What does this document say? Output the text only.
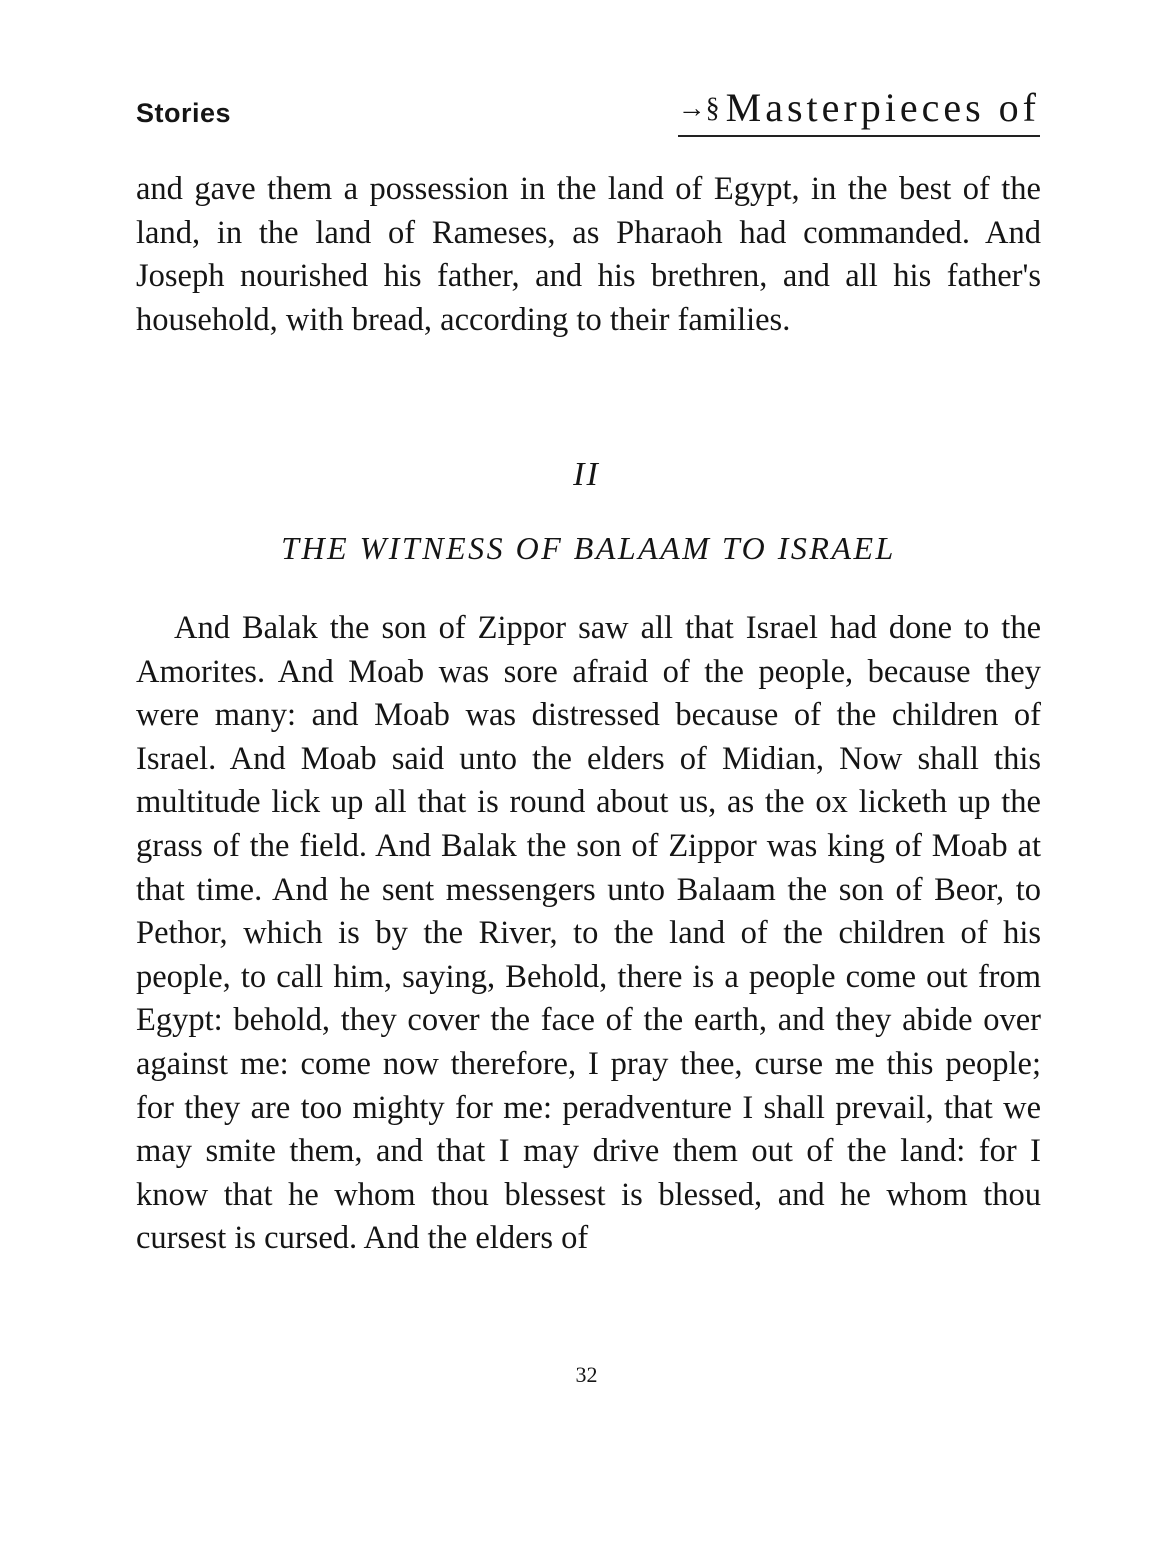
Stories	→§ Masterpieces of
and gave them a possession in the land of Egypt, in the best of the land, in the land of Rameses, as Pharaoh had commanded. And Joseph nourished his father, and his brethren, and all his father's household, with bread, according to their families.
II
THE WITNESS OF BALAAM TO ISRAEL
And Balak the son of Zippor saw all that Israel had done to the Amorites. And Moab was sore afraid of the people, because they were many: and Moab was distressed because of the children of Israel. And Moab said unto the elders of Midian, Now shall this multitude lick up all that is round about us, as the ox licketh up the grass of the field. And Balak the son of Zippor was king of Moab at that time. And he sent messengers unto Balaam the son of Beor, to Pethor, which is by the River, to the land of the children of his people, to call him, saying, Behold, there is a people come out from Egypt: behold, they cover the face of the earth, and they abide over against me: come now therefore, I pray thee, curse me this people; for they are too mighty for me: peradventure I shall prevail, that we may smite them, and that I may drive them out of the land: for I know that he whom thou blessest is blessed, and he whom thou cursest is cursed. And the elders of
32
